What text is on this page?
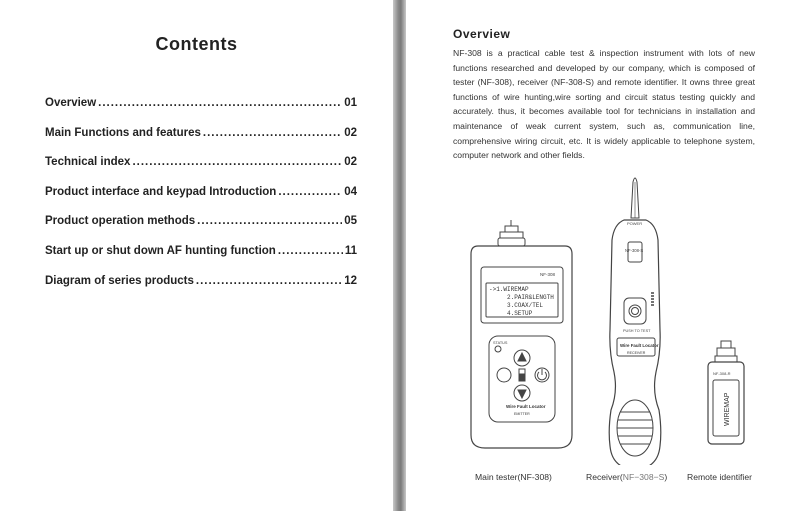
Contents
Overview .....	01
Main Functions and features .....	02
Technical index .....	02
Product interface and keypad Introduction .....	04
Product operation methods .....	05
Start up or shut down AF hunting function .....	11
Diagram of series products .....	12
Overview
NF-308 is a practical cable test & inspection instrument with lots of new functions researched and developed by our company, which is composed of tester (NF-308), receiver (NF-308-S) and remote identifier. It owns three great functions of wire hunting,wire sorting and circuit status testing quickly and accurately. thus, it becomes available tool for technicians in installation and maintenance of weak current system, such as, communication line, comprehensive wiring circuit, etc. It is widely applicable to telephone system, computer network and other fields.
NF-308
->1.WIREMAP
2.PAIR&LENGTH
3.COAX/TEL
4.SETUP
STATUS
Wire Fault Locator
EMITTER
POWER
NF-308-S
PUSH TO TEST
Wire Fault Locator
RECEIVER
NF-308-R
WIREMAP
Main tester(NF-308)	Receiver(NF−308−S) Remote identifier
